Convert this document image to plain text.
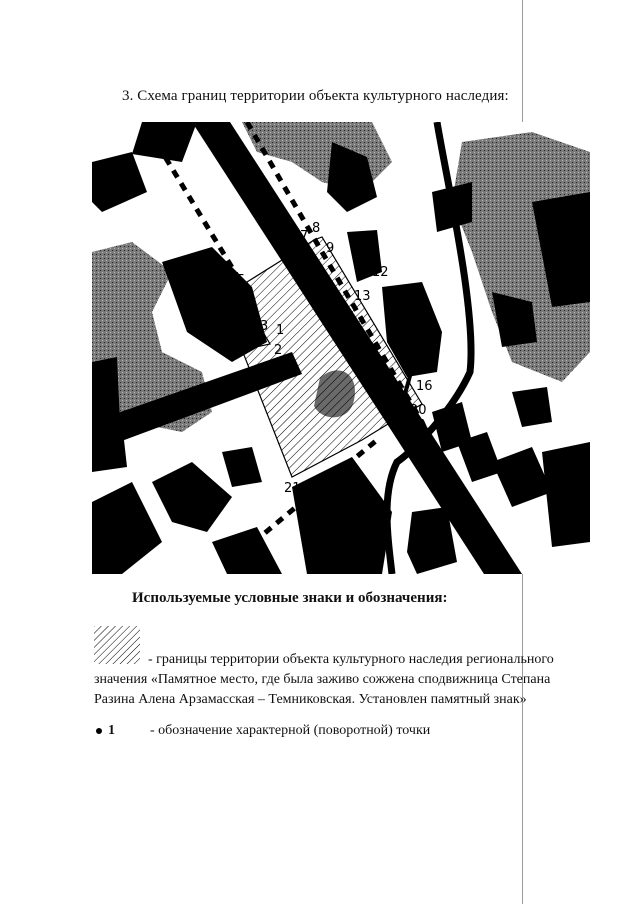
3. Схема границ территории объекта культурного наследия:
6
7
8
9
12
5
13
2
3 1
16
20
21
Используемые условные знаки и обозначения:
- границы территории объекта культурного наследия регионального значения «Памятное место, где была заживо сожжена сподвижница Степана Разина Алена Арзамасская – Темниковская. Установлен памятный знак»
1	- обозначение характерной (поворотной) точки
